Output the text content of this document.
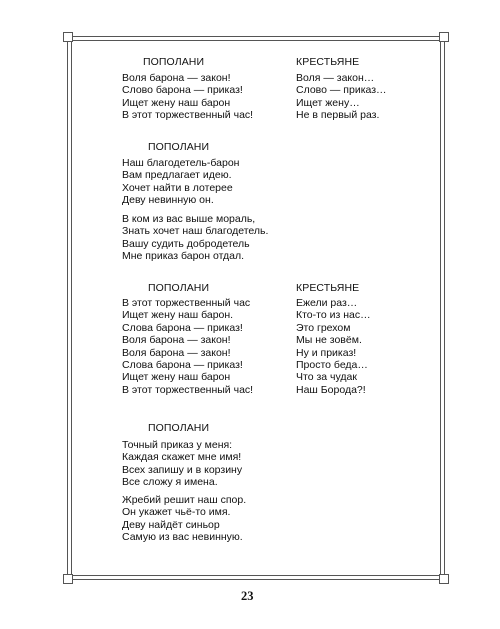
ПОПОЛАНИ
Воля барона — закон!
Слово барона — приказ!
Ищет жену наш барон
В этот торжественный час!
КРЕСТЬЯНЕ
Воля — закон…
Слово — приказ…
Ищет жену…
Не в первый раз.
ПОПОЛАНИ
Наш благодетель-барон
Вам предлагает идею.
Хочет найти в лотерее
Деву невинную он.
В ком из вас выше мораль,
Знать хочет наш благодетель.
Вашу судить добродетель
Мне приказ барон отдал.
ПОПОЛАНИ
В этот торжественный час
Ищет жену наш барон.
Слова барона — приказ!
Воля барона — закон!
Воля барона — закон!
Слова барона — приказ!
Ищет жену наш барон
В этот торжественный час!
КРЕСТЬЯНЕ
Ежели раз…
Кто-то из нас…
Это грехом
Мы не зовём.
Ну и приказ!
Просто беда…
Что за чудак
Наш Борода?!
ПОПОЛАНИ
Точный приказ у меня:
Каждая скажет мне имя!
Всех запишу и в корзину
Все сложу я имена.
Жребий решит наш спор.
Он укажет чьё-то имя.
Деву найдёт синьор
Самую из вас невинную.
23
